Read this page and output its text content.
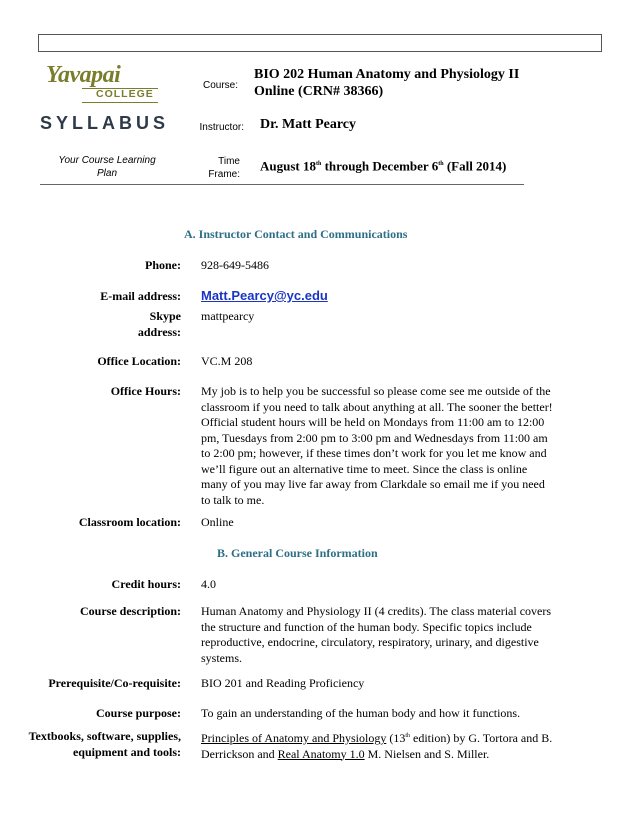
Yavapai
COLLEGE
SYLLABUS
Your Course Learning Plan
Course:
BIO 202 Human Anatomy and Physiology II Online (CRN# 38366)
Instructor: Dr. Matt Pearcy
Time Frame:
August 18th through December 6th (Fall 2014)
A. Instructor Contact and Communications
Phone: 928-649-5486
E-mail address: Matt.Pearcy@yc.edu
Skype address:
mattpearcy
Office Location: VC.M 208
Office Hours: My job is to help you be successful so please come see me outside of the classroom if you need to talk about anything at all. The sooner the better! Official student hours will be held on Mondays from 11:00 am to 12:00 pm, Tuesdays from 2:00 pm to 3:00 pm and Wednesdays from 11:00 am to 2:00 pm; however, if these times don’t work for you let me know and we’ll figure out an alternative time to meet. Since the class is online many of you may live far away from Clarkdale so email me if you need to talk to me.
Classroom location: Online
B. General Course Information
Credit hours: 4.0
Course description: Human Anatomy and Physiology II (4 credits). The class material covers the structure and function of the human body. Specific topics include reproductive, endocrine, circulatory, respiratory, urinary, and digestive systems.
Prerequisite/Co-requisite: BIO 201 and Reading Proficiency
Course purpose: To gain an understanding of the human body and how it functions.
Textbooks, software, supplies, equipment and tools:
Principles of Anatomy and Physiology (13th edition) by G. Tortora and B. Derrickson and Real Anatomy 1.0 M. Nielsen and S. Miller.
